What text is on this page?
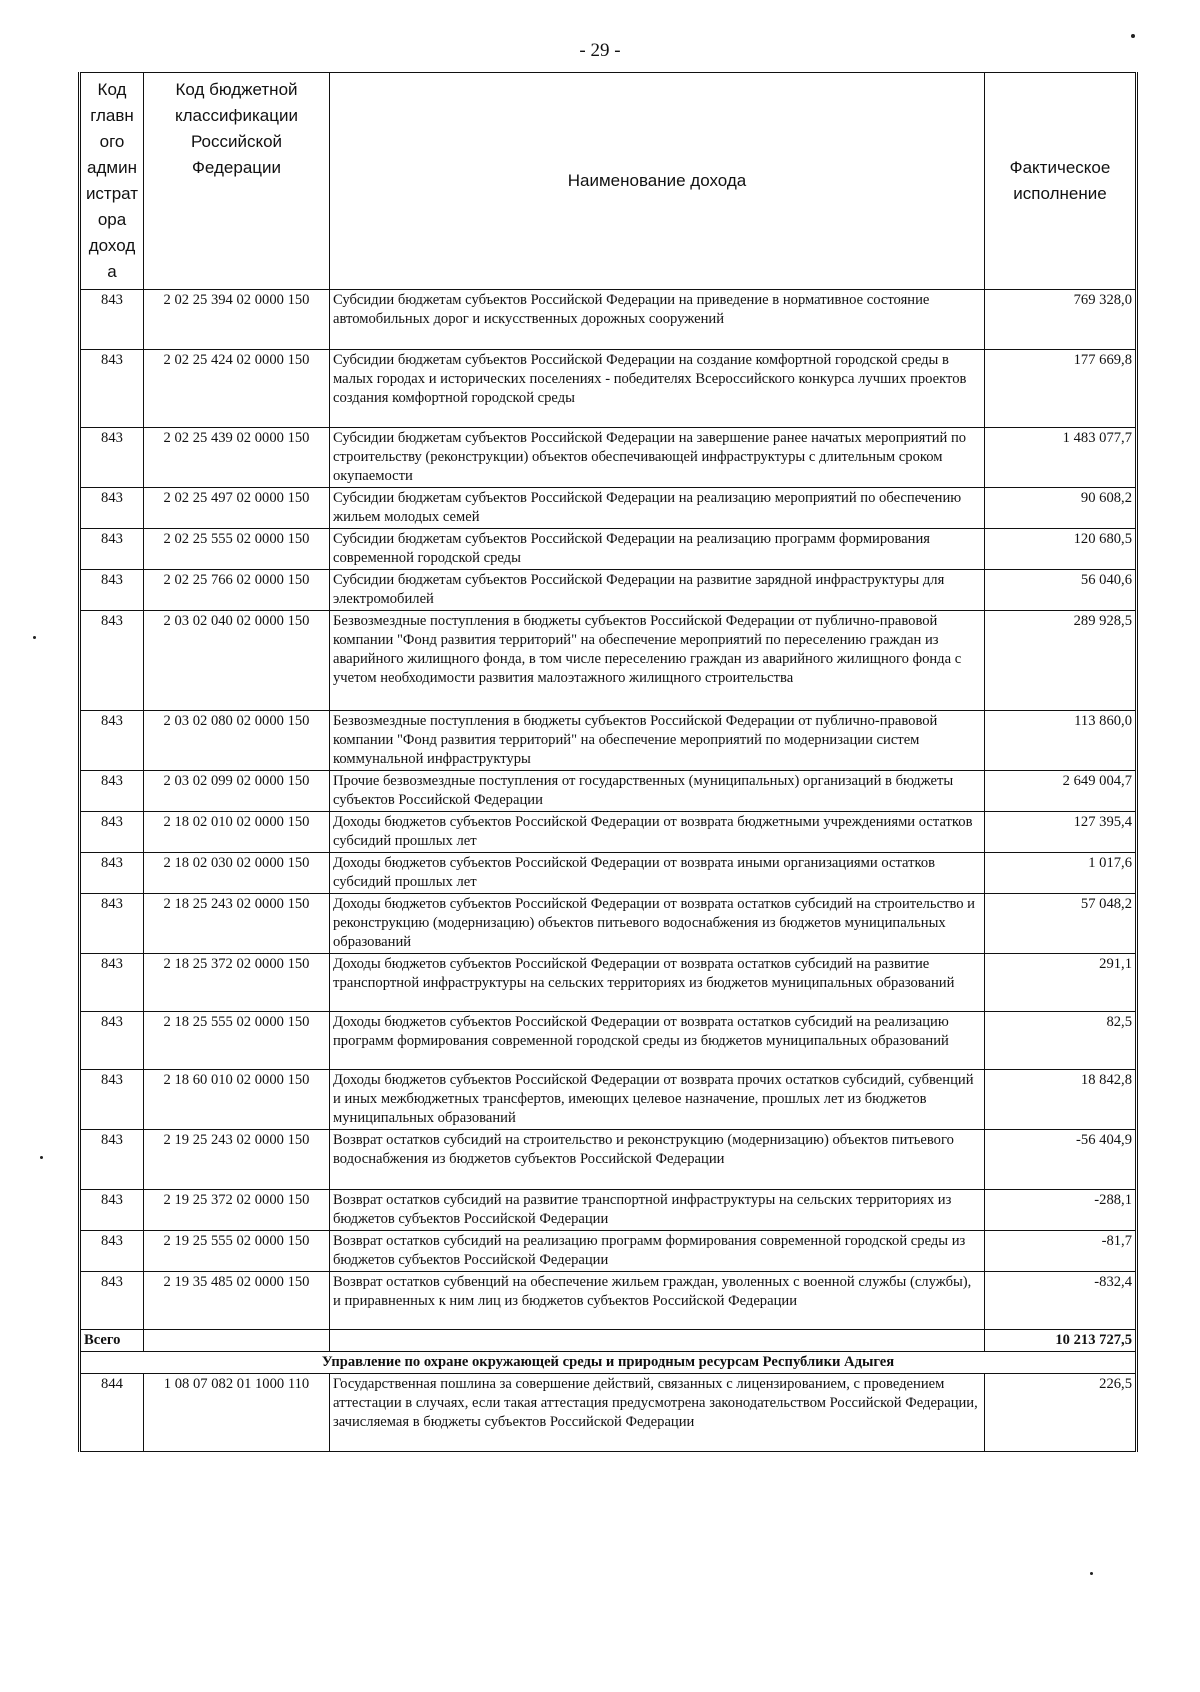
- 29 -
Код главн ого админ истрат ора доход а	Код бюджетной классификации Российской Федерации	Наименование дохода	Фактическое исполнение
843	2 02 25 394 02 0000 150	Субсидии бюджетам субъектов Российской Федерации на приведение в нормативное состояние автомобильных дорог и искусственных дорожных сооружений	769 328,0
843	2 02 25 424 02 0000 150	Субсидии бюджетам субъектов Российской Федерации на создание комфортной городской среды в малых городах и исторических поселениях - победителях Всероссийского конкурса лучших проектов создания комфортной городской среды	177 669,8
843	2 02 25 439 02 0000 150	Субсидии бюджетам субъектов Российской Федерации на завершение ранее начатых мероприятий по строительству (реконструкции) объектов обеспечивающей инфраструктуры с длительным сроком окупаемости	1 483 077,7
843	2 02 25 497 02 0000 150	Субсидии бюджетам субъектов Российской Федерации на реализацию мероприятий по обеспечению жильем молодых семей	90 608,2
843	2 02 25 555 02 0000 150	Субсидии бюджетам субъектов Российской Федерации на реализацию программ формирования современной городской среды	120 680,5
843	2 02 25 766 02 0000 150	Субсидии бюджетам субъектов Российской Федерации на развитие зарядной инфраструктуры для электромобилей	56 040,6
843	2 03 02 040 02 0000 150	Безвозмездные поступления в бюджеты субъектов Российской Федерации от публично-правовой компании "Фонд развития территорий" на обеспечение мероприятий по переселению граждан из аварийного жилищного фонда, в том числе переселению граждан из аварийного жилищного фонда с учетом необходимости развития малоэтажного жилищного строительства	289 928,5
843	2 03 02 080 02 0000 150	Безвозмездные поступления в бюджеты субъектов Российской Федерации от публично-правовой компании "Фонд развития территорий" на обеспечение мероприятий по модернизации систем коммунальной инфраструктуры	113 860,0
843	2 03 02 099 02 0000 150	Прочие безвозмездные поступления от государственных (муниципальных) организаций в бюджеты субъектов Российской Федерации	2 649 004,7
843	2 18 02 010 02 0000 150	Доходы бюджетов субъектов Российской Федерации от возврата бюджетными учреждениями остатков субсидий прошлых лет	127 395,4
843	2 18 02 030 02 0000 150	Доходы бюджетов субъектов Российской Федерации от возврата иными организациями остатков субсидий прошлых лет	1 017,6
843	2 18 25 243 02 0000 150	Доходы бюджетов субъектов Российской Федерации от возврата остатков субсидий на строительство и реконструкцию (модернизацию) объектов питьевого водоснабжения из бюджетов муниципальных образований	57 048,2
843	2 18 25 372 02 0000 150	Доходы бюджетов субъектов Российской Федерации от возврата остатков субсидий на развитие транспортной инфраструктуры на сельских территориях из бюджетов муниципальных образований	291,1
843	2 18 25 555 02 0000 150	Доходы бюджетов субъектов Российской Федерации от возврата остатков субсидий на реализацию программ формирования современной городской среды из бюджетов муниципальных образований	82,5
843	2 18 60 010 02 0000 150	Доходы бюджетов субъектов Российской Федерации от возврата прочих остатков субсидий, субвенций и иных межбюджетных трансфертов, имеющих целевое назначение, прошлых лет из бюджетов муниципальных образований	18 842,8
843	2 19 25 243 02 0000 150	Возврат остатков субсидий на строительство и реконструкцию (модернизацию) объектов питьевого водоснабжения из бюджетов субъектов Российской Федерации	-56 404,9
843	2 19 25 372 02 0000 150	Возврат остатков субсидий на развитие транспортной инфраструктуры на сельских территориях из бюджетов субъектов Российской Федерации	-288,1
843	2 19 25 555 02 0000 150	Возврат остатков субсидий на реализацию программ формирования современной городской среды из бюджетов субъектов Российской Федерации	-81,7
843	2 19 35 485 02 0000 150	Возврат остатков субвенций на обеспечение жильем граждан, уволенных с военной службы (службы), и приравненных к ним лиц из бюджетов субъектов Российской Федерации	-832,4
Всего			10 213 727,5
Управление по охране окружающей среды и природным ресурсам Республики Адыгея			
844	1 08 07 082 01 1000 110	Государственная пошлина за совершение действий, связанных с лицензированием, с проведением аттестации в случаях, если такая аттестация предусмотрена законодательством Российской Федерации, зачисляемая в бюджеты субъектов Российской Федерации	226,5
